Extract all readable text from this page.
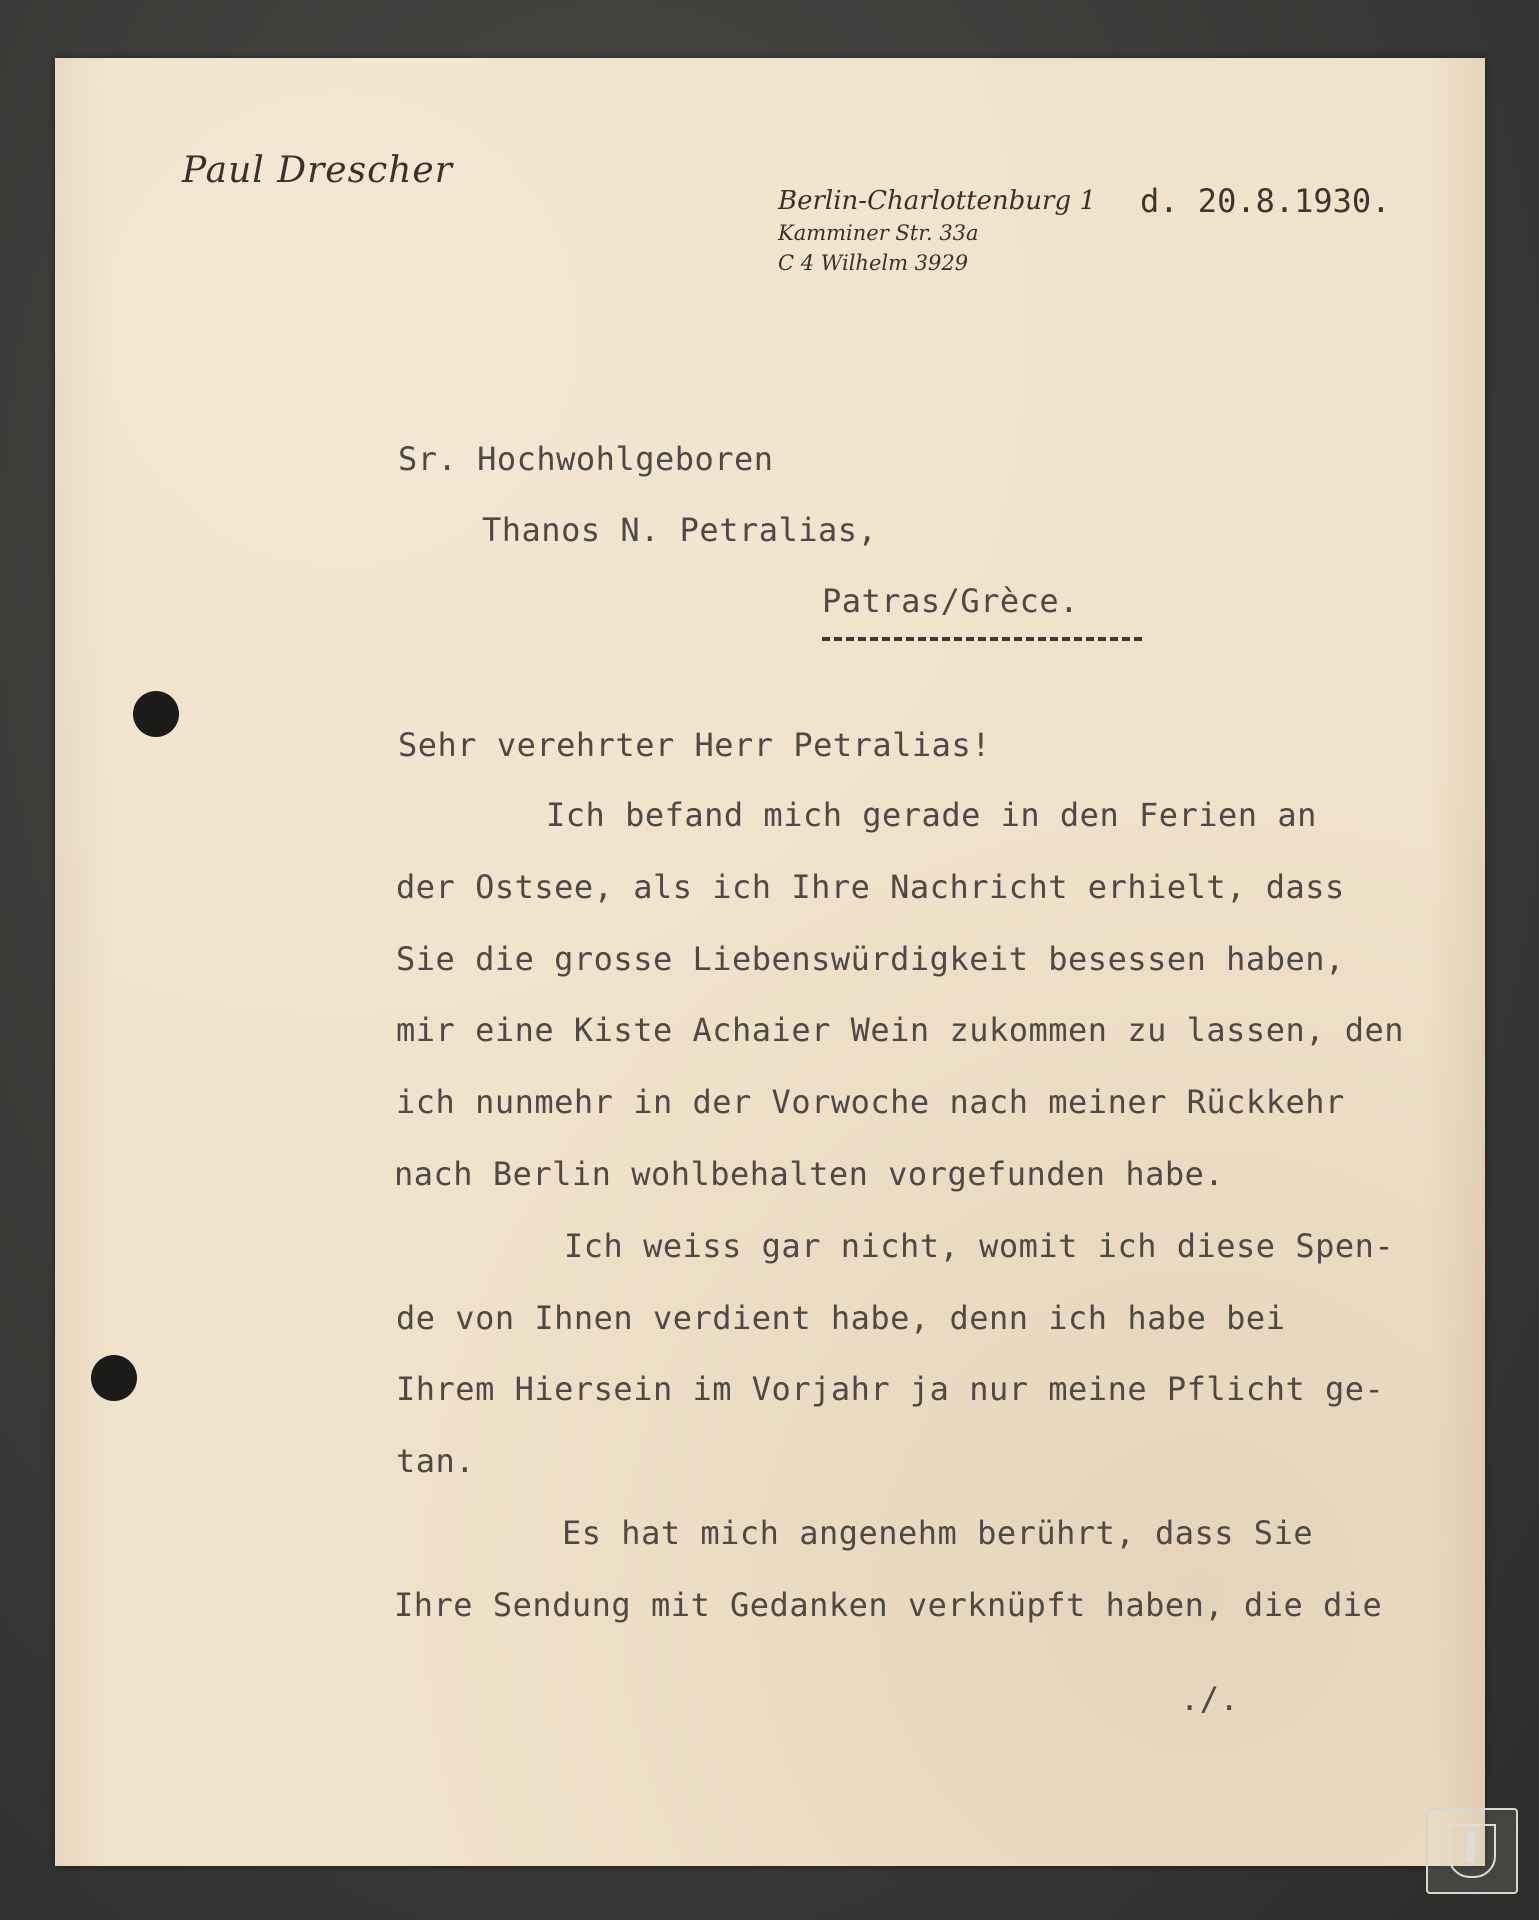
Paul Drescher
Berlin-Charlottenburg 1
Kamminer Str. 33a
C 4 Wilhelm 3929
d. 20.8.1930.
Sr. Hochwohlgeboren
Thanos N. Petralias,
Patras/Grèce.
Sehr verehrter Herr Petralias!
Ich befand mich gerade in den Ferien an
der Ostsee, als ich Ihre Nachricht erhielt, dass
Sie die grosse Liebenswürdigkeit besessen haben,
mir eine Kiste Achaier Wein zukommen zu lassen, den
ich nunmehr in der Vorwoche nach meiner Rückkehr
nach Berlin wohlbehalten vorgefunden habe.
Ich weiss gar nicht, womit ich diese Spen-
de von Ihnen verdient habe, denn ich habe bei
Ihrem Hiersein im Vorjahr ja nur meine Pflicht ge-
tan.
Es hat mich angenehm berührt, dass Sie
Ihre Sendung mit Gedanken verknüpft haben, die die
./.
